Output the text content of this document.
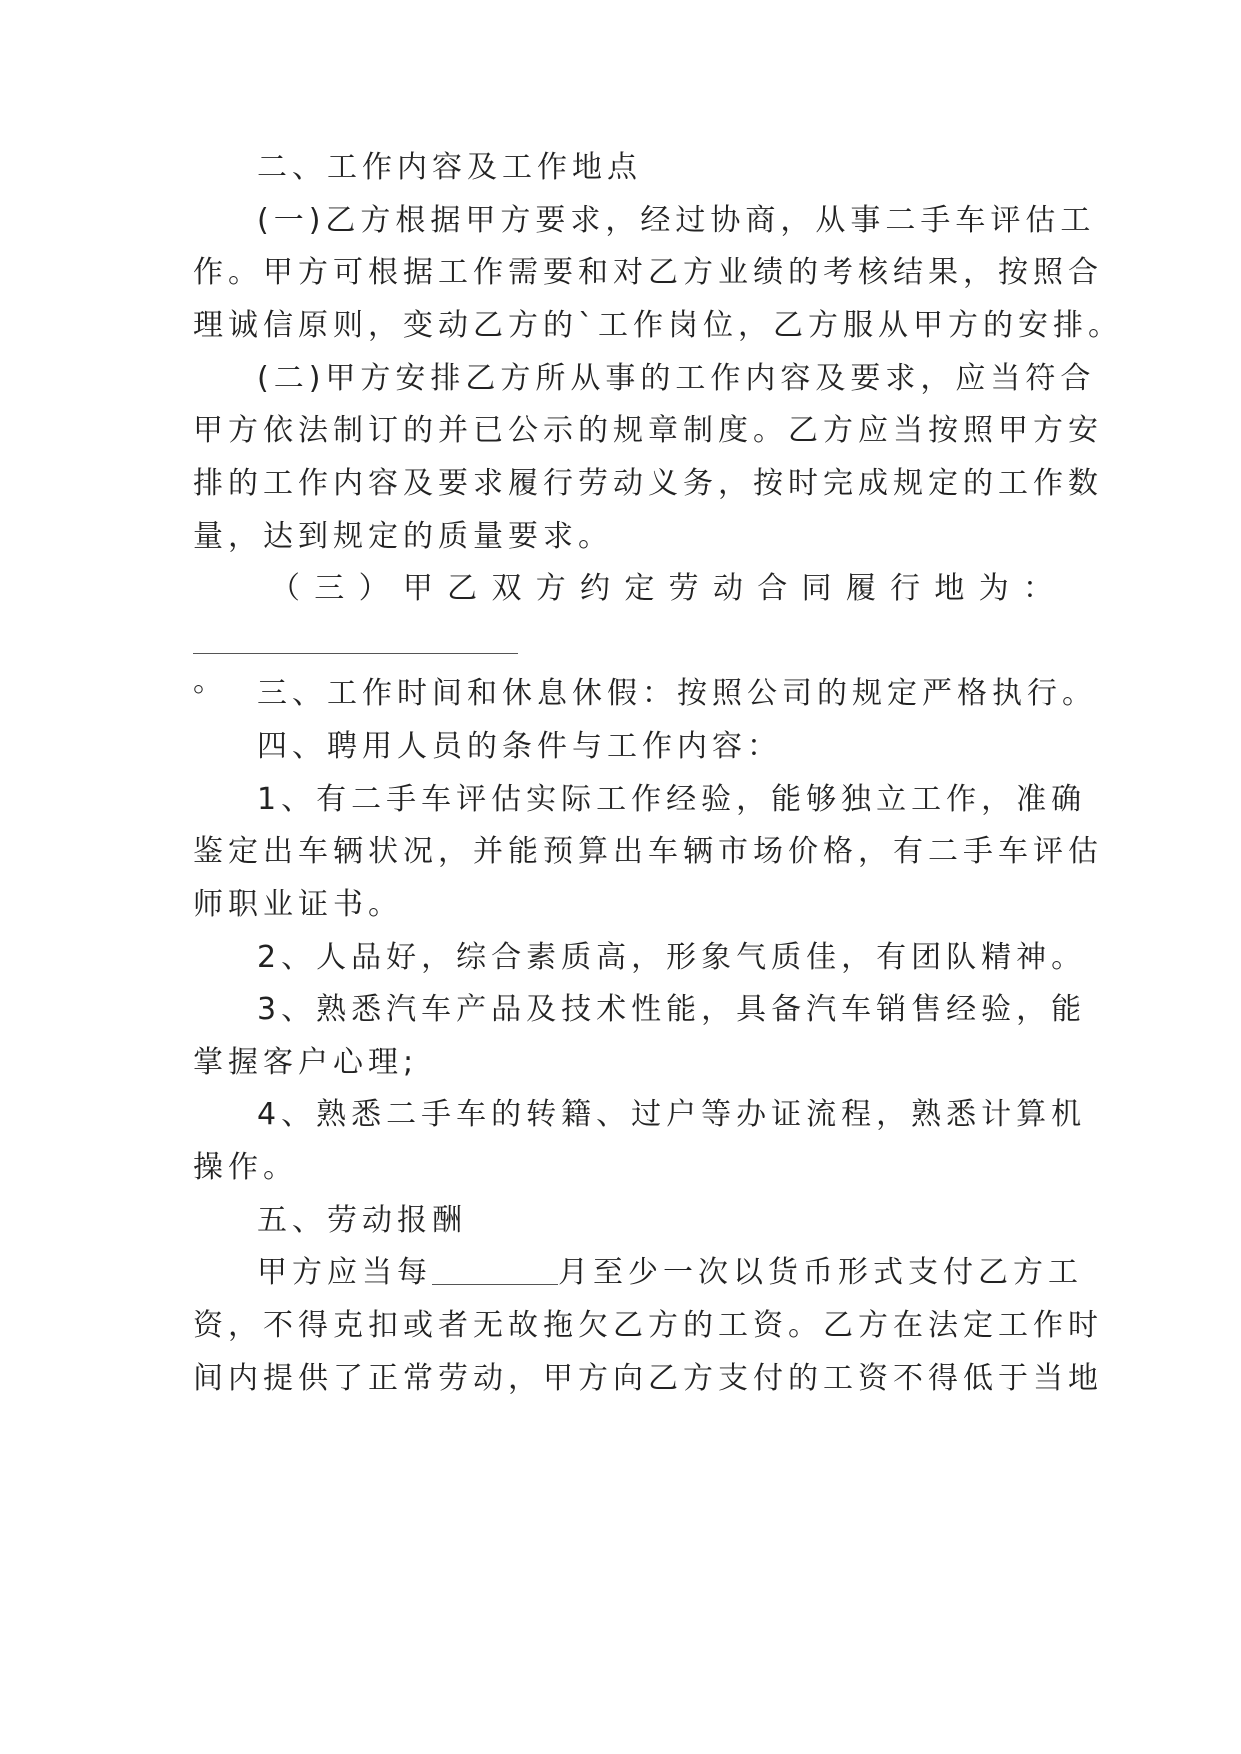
二、工作内容及工作地点
(一)乙方根据甲方要求，经过协商，从事二手车评估工
作。甲方可根据工作需要和对乙方业绩的考核结果，按照合
理诚信原则，变动乙方的`工作岗位，乙方服从甲方的安排。
(二)甲方安排乙方所从事的工作内容及要求，应当符合
甲方依法制订的并已公示的规章制度。乙方应当按照甲方安
排的工作内容及要求履行劳动义务，按时完成规定的工作数
量，达到规定的质量要求。
（三）甲乙双方约定劳动合同履行地为：
。	三、工作时间和休息休假：按照公司的规定严格执行。
四、聘用人员的条件与工作内容：
1、有二手车评估实际工作经验，能够独立工作，准确
鉴定出车辆状况，并能预算出车辆市场价格，有二手车评估
师职业证书。
2、人品好，综合素质高，形象气质佳，有团队精神。
3、熟悉汽车产品及技术性能，具备汽车销售经验，能
掌握客户心理;
4、熟悉二手车的转籍、过户等办证流程，熟悉计算机
操作。
五、劳动报酬
甲方应当每	月至少一次以货币形式支付乙方工
资，不得克扣或者无故拖欠乙方的工资。乙方在法定工作时
间内提供了正常劳动，甲方向乙方支付的工资不得低于当地
